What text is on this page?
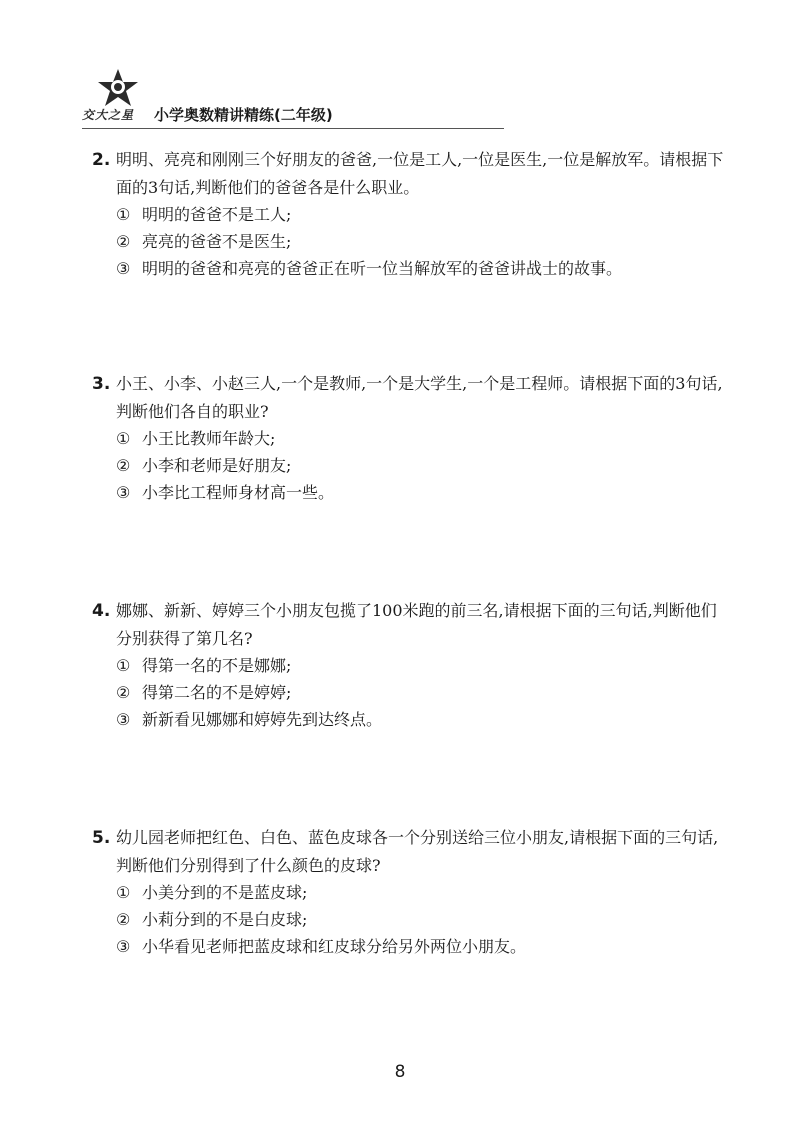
交大之星 小学奥数精讲精练(二年级)

2. 明明、亮亮和刚刚三个好朋友的爸爸,一位是工人,一位是医生,一位是解放军。请根据下面的3句话,判断他们的爸爸各是什么职业。

① 明明的爸爸不是工人;
② 亮亮的爸爸不是医生;
③ 明明的爸爸和亮亮的爸爸正在听一位当解放军的爸爸讲战士的故事。

3. 小王、小李、小赵三人,一个是教师,一个是大学生,一个是工程师。请根据下面的3句话,判断他们各自的职业?

① 小王比教师年龄大;
② 小李和老师是好朋友;
③ 小李比工程师身材高一些。

4. 娜娜、新新、婷婷三个小朋友包揽了100米跑的前三名,请根据下面的三句话,判断他们分别获得了第几名?

① 得第一名的不是娜娜;
② 得第二名的不是婷婷;
③ 新新看见娜娜和婷婷先到达终点。

5. 幼儿园老师把红色、白色、蓝色皮球各一个分别送给三位小朋友,请根据下面的三句话,判断他们分别得到了什么颜色的皮球?

① 小美分到的不是蓝皮球;
② 小莉分到的不是白皮球;
③ 小华看见老师把蓝皮球和红皮球分给另外两位小朋友。
8
